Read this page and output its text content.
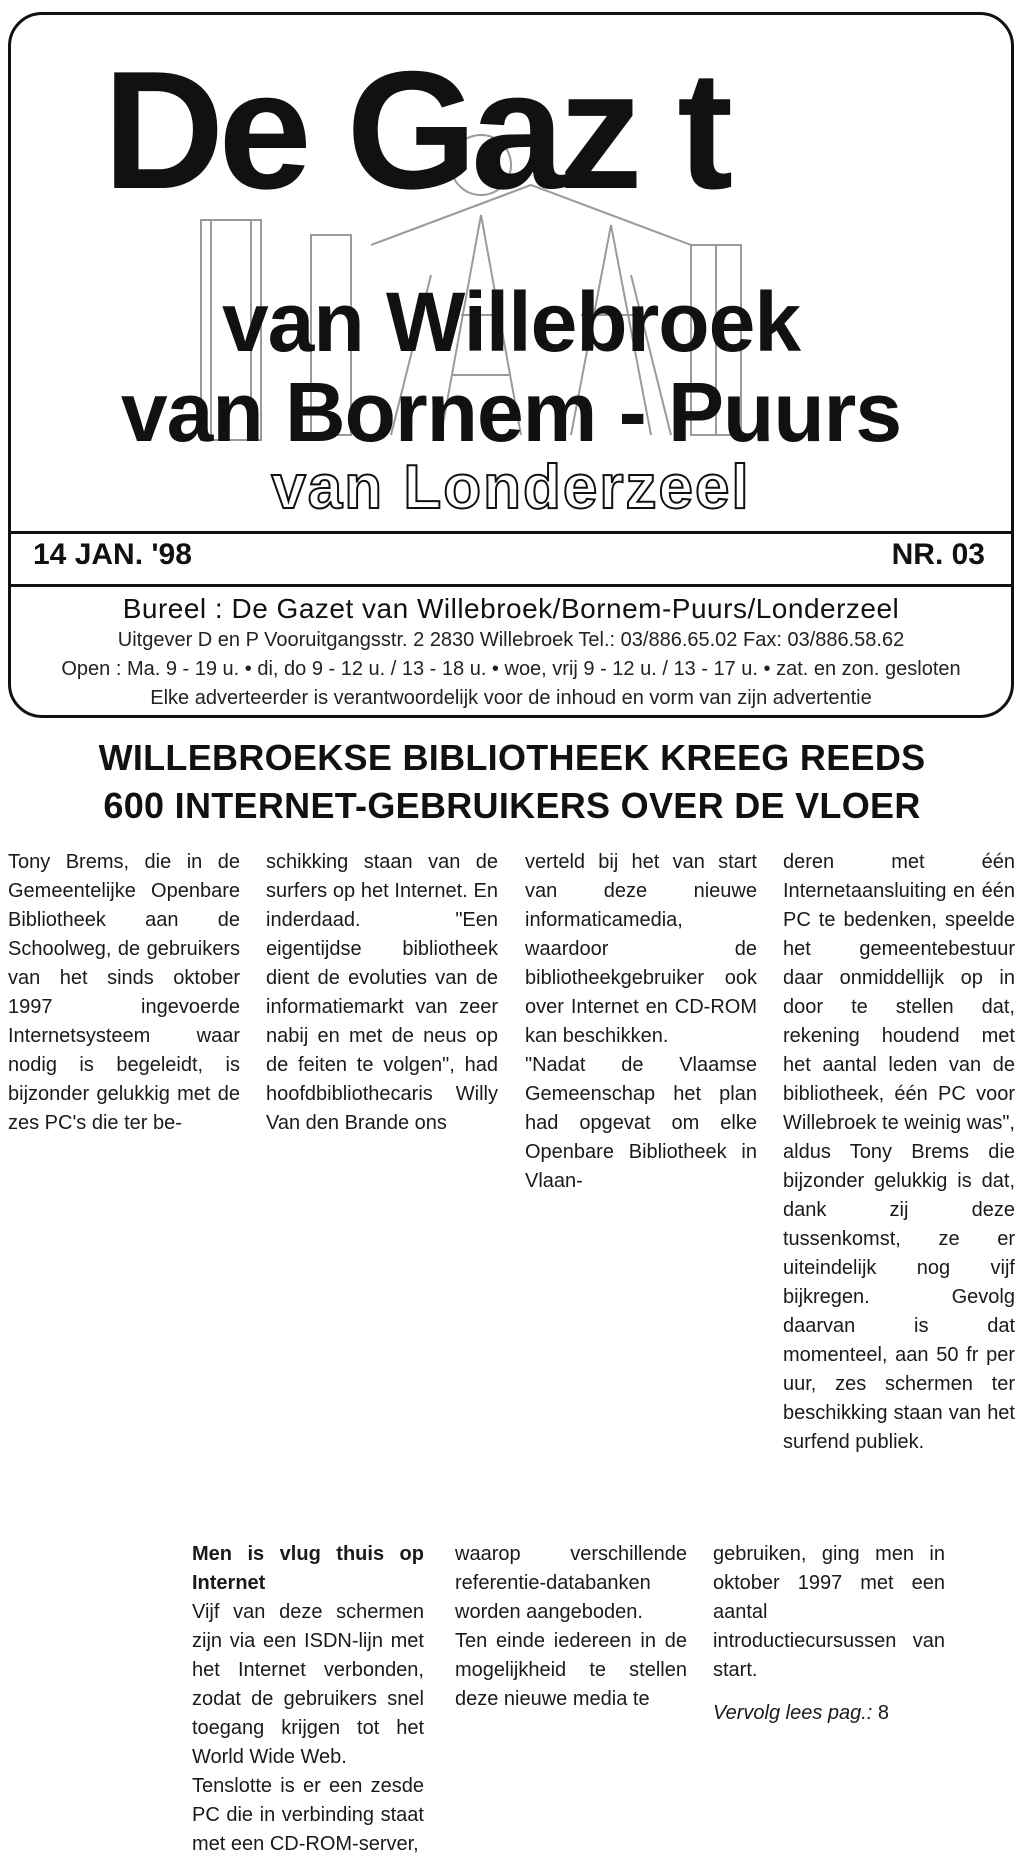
De Gaz t
van Willebroek
van Bornem - Puurs
van Londerzeel
14 JAN. '98	NR. 03
Bureel : De Gazet van Willebroek/Bornem-Puurs/Londerzeel
Uitgever D en P Vooruitgangsstr. 2 2830 Willebroek Tel.: 03/886.65.02 Fax: 03/886.58.62
Open : Ma. 9 - 19 u. • di, do 9 - 12 u. / 13 - 18 u. • woe, vrij 9 - 12 u. / 13 - 17 u. • zat. en zon. gesloten
Elke adverteerder is verantwoordelijk voor de inhoud en vorm van zijn advertentie
WILLEBROEKSE BIBLIOTHEEK KREEG REEDS
600 INTERNET-GEBRUIKERS OVER DE VLOER

Tony Brems, die in de Gemeentelijke Openbare Bibliotheek aan de Schoolweg, de gebruikers van het sinds oktober 1997 ingevoerde Internetsysteem waar nodig is begeleidt, is bijzonder gelukkig met de zes PC's die ter be-

schikking staan van de surfers op het Internet. En inderdaad. "Een eigentijdse bibliotheek dient de evoluties van de informatiemarkt van zeer nabij en met de neus op de feiten te volgen", had hoofdbibliothecaris Willy Van den Brande ons

verteld bij het van start van deze nieuwe informaticamedia, waardoor de bibliotheekgebruiker ook over Internet en CD-ROM kan beschikken.

"Nadat de Vlaamse Gemeenschap het plan had opgevat om elke Openbare Bibliotheek in Vlaan-

deren met één Internetaansluiting en één PC te bedenken, speelde het gemeentebestuur daar onmiddellijk op in door te stellen dat, rekening houdend met het aantal leden van de bibliotheek, één PC voor Willebroek te weinig was", aldus Tony Brems die bijzonder gelukkig is dat, dank zij deze tussenkomst, ze er uiteindelijk nog vijf bijkregen. Gevolg daarvan is dat momenteel, aan 50 fr per uur, zes schermen ter beschikking staan van het surfend publiek.

Men is vlug thuis op Internet

Vijf van deze schermen zijn via een ISDN-lijn met het Internet verbonden, zodat de gebruikers snel toegang krijgen tot het World Wide Web.

Tenslotte is er een zesde PC die in verbinding staat met een CD-ROM-server,

waarop verschillende referentie-databanken worden aangeboden.

Ten einde iedereen in de mogelijkheid te stellen deze nieuwe media te

gebruiken, ging men in oktober 1997 met een aantal introductiecursussen van start.

Vervolg lees pag.: 8
